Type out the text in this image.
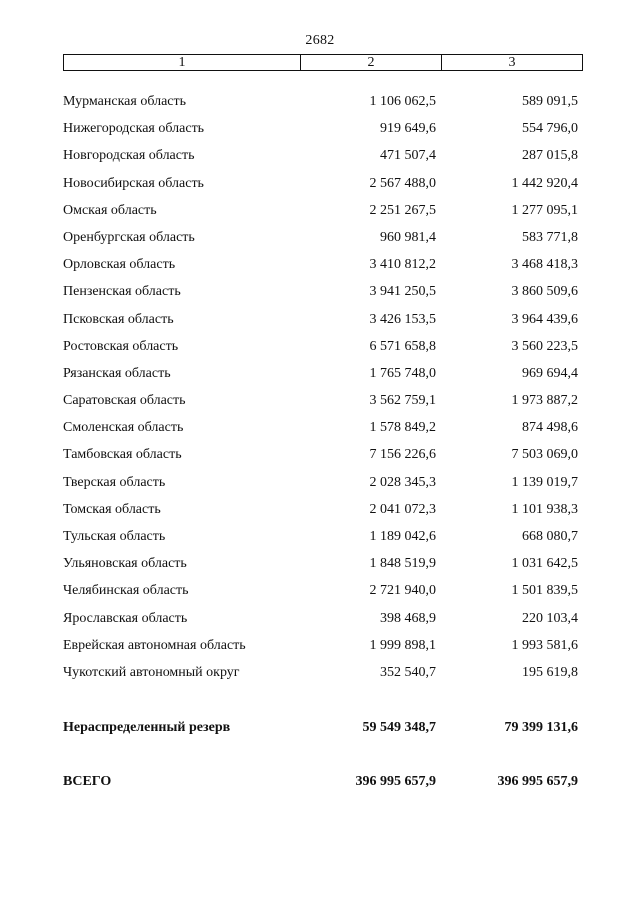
2682
1	2	3
Мурманская область	1 106 062,5	589 091,5
Нижегородская область	919 649,6	554 796,0
Новгородская область	471 507,4	287 015,8
Новосибирская область	2 567 488,0	1 442 920,4
Омская область	2 251 267,5	1 277 095,1
Оренбургская область	960 981,4	583 771,8
Орловская область	3 410 812,2	3 468 418,3
Пензенская область	3 941 250,5	3 860 509,6
Псковская область	3 426 153,5	3 964 439,6
Ростовская область	6 571 658,8	3 560 223,5
Рязанская область	1 765 748,0	969 694,4
Саратовская область	3 562 759,1	1 973 887,2
Смоленская область	1 578 849,2	874 498,6
Тамбовская область	7 156 226,6	7 503 069,0
Тверская область	2 028 345,3	1 139 019,7
Томская область	2 041 072,3	1 101 938,3
Тульская область	1 189 042,6	668 080,7
Ульяновская область	1 848 519,9	1 031 642,5
Челябинская область	2 721 940,0	1 501 839,5
Ярославская область	398 468,9	220 103,4
Еврейская автономная область	1 999 898,1	1 993 581,6
Чукотский автономный округ	352 540,7	195 619,8
Нераспределенный резерв	59 549 348,7	79 399 131,6
ВСЕГО	396 995 657,9	396 995 657,9
